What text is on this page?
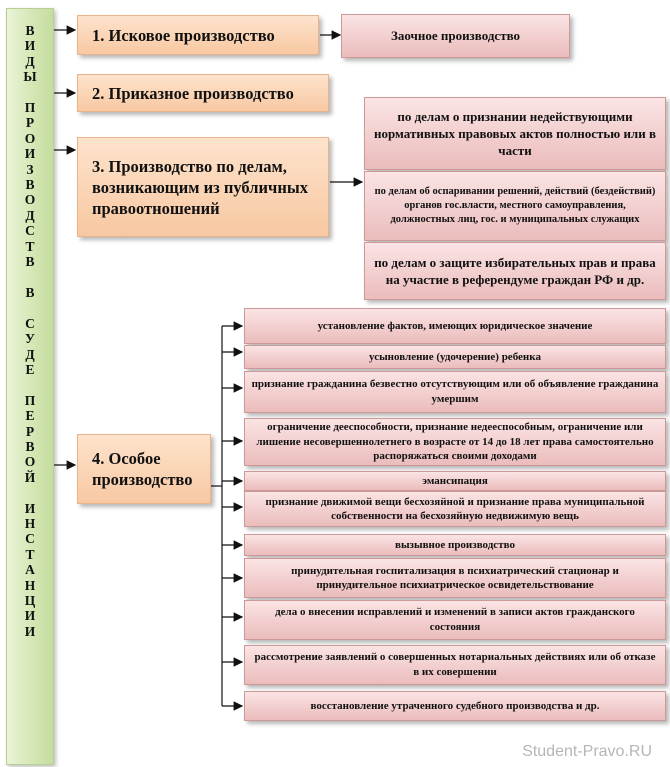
В
И
Д
Ы

П
Р
О
И
З
В
О
Д
С
Т
В

В

С
У
Д
Е

П
Е
Р
В
О
Й

И
Н
С
Т
А
Н
Ц
И
И
1. Исковое производство
2. Приказное производство
3. Производство по делам, возникающим из публичных правоотношений
4. Особое производство
Заочное производство
по делам о признании недействующими нормативных правовых актов полностью или в части
по делам об оспаривании решений, действий (бездействий) органов гос.власти, местного самоуправления, должностных лиц, гос. и муниципальных служащих
по делам о защите избирательных прав и права на участие в референдуме граждан РФ и др.
установление фактов, имеющих юридическое значение
усыновление (удочерение) ребенка
признание гражданина безвестно отсутствующим или об объявление гражданина умершим
ограничение дееспособности, признание недееспособным, ограничение или лишение несовершеннолетнего в возрасте от 14 до 18 лет права самостоятельно распоряжаться своими доходами
эмансипация
признание движимой вещи бесхозяйной и признание права муниципальной собственности на бесхозяйную недвижимую вещь
вызывное производство
принудительная госпитализация в психиатрический стационар и принудительное психиатрическое освидетельствование
дела о внесении исправлений и изменений в записи актов гражданского состояния
рассмотрение заявлений о совершенных нотариальных действиях или об отказе в их совершении
восстановление утраченного судебного производства и др.
Student-Pravo.RU
